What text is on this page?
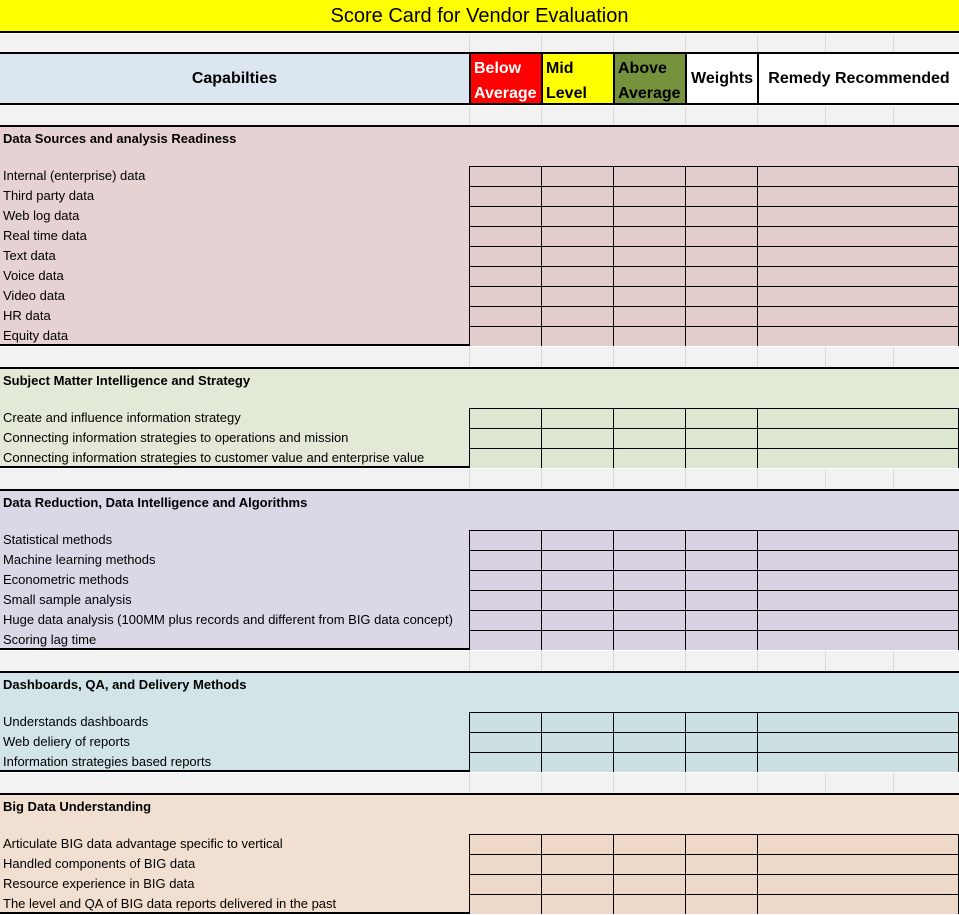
Score Card for Vendor Evaluation
Capabilties
Below
Average
Mid
Level
Above
Average
Weights Remedy Recommended
Data Sources and analysis Readiness
Internal (enterprise) data
Third party data
Web log data
Real time data
Text data
Voice data
Video data
HR data
Equity data
Subject Matter Intelligence and Strategy
Create and influence information strategy
Connecting information strategies to operations and mission
Connecting information strategies to customer value and enterprise value
Data Reduction, Data Intelligence and Algorithms
Statistical methods
Machine learning methods
Econometric methods
Small sample analysis
Huge data analysis (100MM plus records and different from BIG data concept)
Scoring lag time
Dashboards, QA, and Delivery Methods
Understands dashboards
Web deliery of reports
Information strategies based reports
Big Data Understanding
Articulate BIG data advantage specific to vertical
Handled components of BIG data
Resource experience in BIG data
The level and QA of BIG data reports delivered in the past
